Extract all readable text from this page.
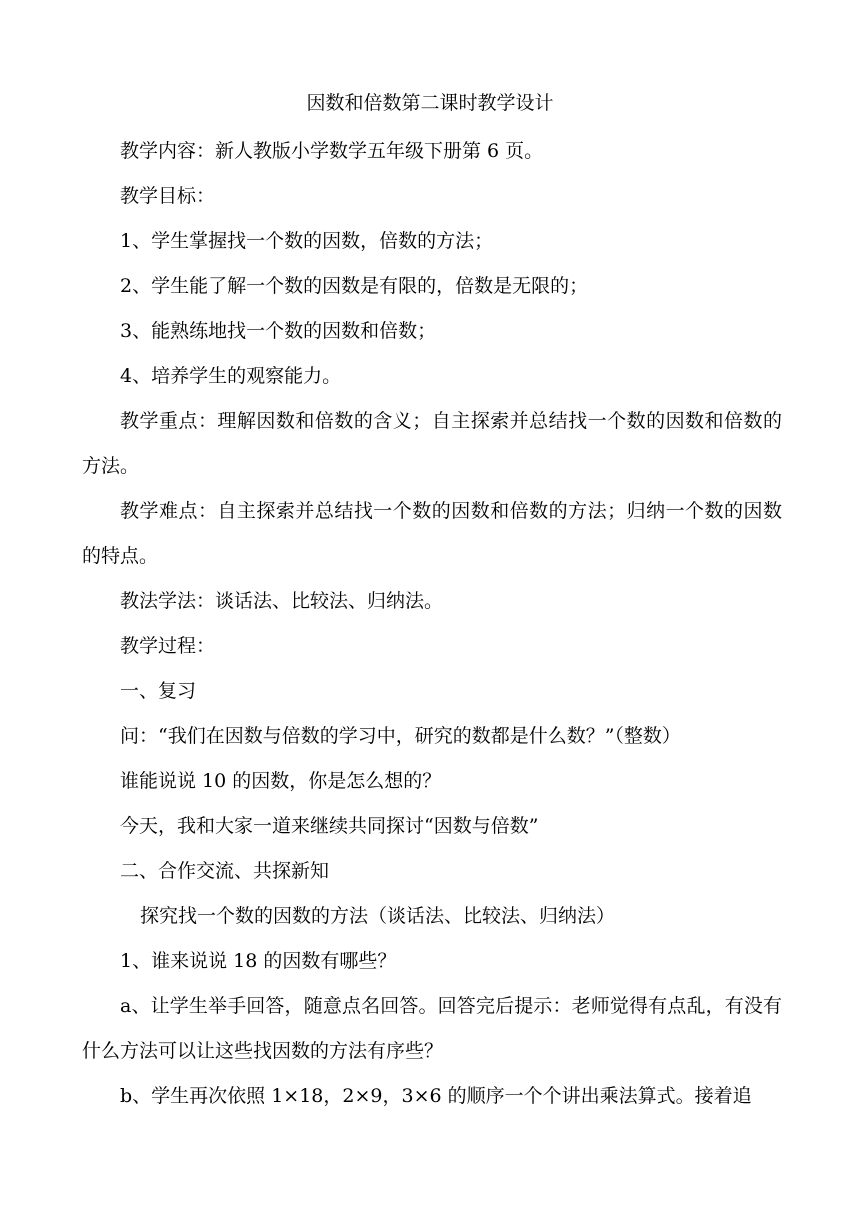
因数和倍数第二课时教学设计
教学内容：新人教版小学数学五年级下册第 6 页。
教学目标：
1、学生掌握找一个数的因数，倍数的方法；
2、学生能了解一个数的因数是有限的，倍数是无限的；
3、能熟练地找一个数的因数和倍数；
4、培养学生的观察能力。
教学重点：理解因数和倍数的含义；自主探索并总结找一个数的因数和倍数的方法。
教学难点：自主探索并总结找一个数的因数和倍数的方法；归纳一个数的因数的特点。
教法学法：谈话法、比较法、归纳法。
教学过程：
一、复习
问：“我们在因数与倍数的学习中，研究的数都是什么数？”（整数）
谁能说说 10 的因数，你是怎么想的？
今天，我和大家一道来继续共同探讨“因数与倍数”
二、合作交流、共探新知
探究找一个数的因数的方法（谈话法、比较法、归纳法）
1、谁来说说 18 的因数有哪些？
a、让学生举手回答，随意点名回答。回答完后提示：老师觉得有点乱，有没有什么方法可以让这些找因数的方法有序些？
b、学生再次依照 1×18，2×9，3×6 的顺序一个个讲出乘法算式。接着追
